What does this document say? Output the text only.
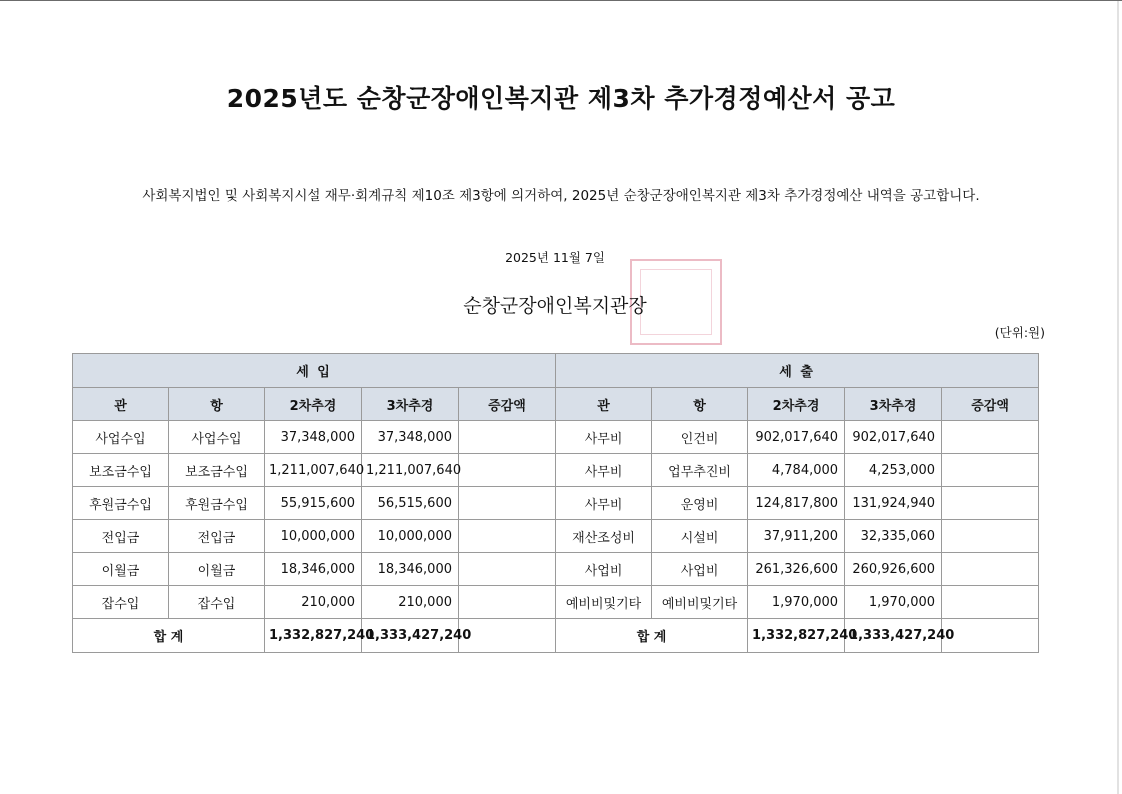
2025년도 순창군장애인복지관 제3차 추가경정예산서 공고

사회복지법인 및 사회복지시설 재무·회계규칙 제10조 제3항에 의거하여, 2025년 순창군장애인복지관 제3차 추가경정예산 내역을 공고합니다.

2025년 11월 7일
순창군장애인복지관장
(단위:원)
세 입					세 출				
관	항	2차추경	3차추경	증감액		관	항	2차추경	3차추경	증감액
사업수입	사업수입	37,348,000	37,348,000			사무비	인건비	902,017,640	902,017,640	
보조금수입	보조금수입	1,211,007,640	1,211,007,640			사무비	업무추진비	4,784,000	4,253,000	
후원금수입	후원금수입	55,915,600	56,515,600			사무비	운영비	124,817,800	131,924,940	
전입금	전입금	10,000,000	10,000,000			재산조성비	시설비	37,911,200	32,335,060	
이월금	이월금	18,346,000	18,346,000			사업비	사업비	261,326,600	260,926,600	
잡수입	잡수입	210,000	210,000			예비비및기타	예비비및기타	1,970,000	1,970,000	
합 계		1,332,827,240	1,333,427,240			합 계		1,332,827,240	1,333,427,240	
